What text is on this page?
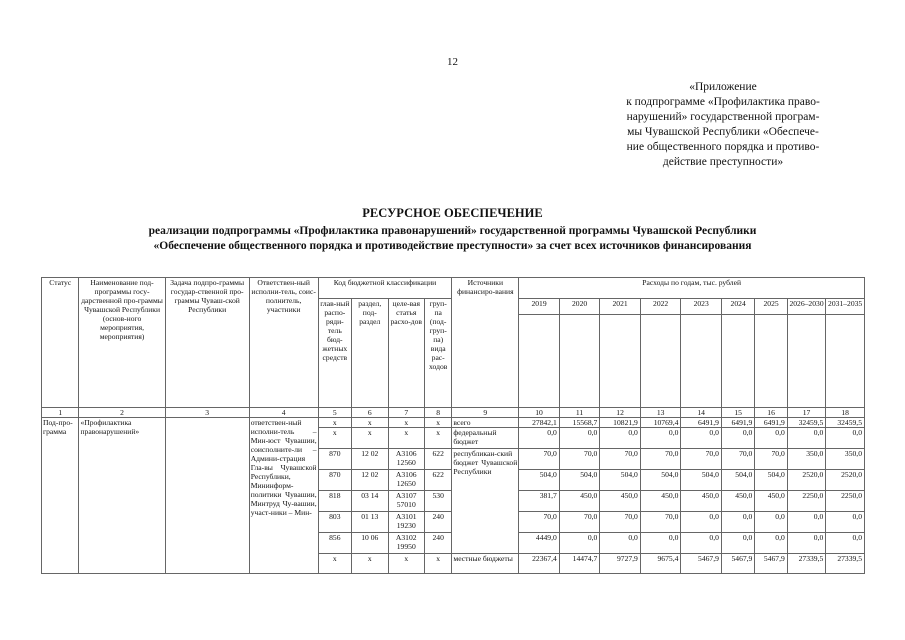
12
«Приложение
к подпрограмме «Профилактика право-
нарушений» государственной програм-
мы Чувашской Республики «Обеспече-
ние общественного порядка и противо-
действие преступности»
РЕСУРСНОЕ ОБЕСПЕЧЕНИЕ
реализации подпрограммы «Профилактика правонарушений» государственной программы Чувашской Республики
«Обеспечение общественного порядка и противодействие преступности» за счет всех источников финансирования
Статус	Наименование под-программы госу-дарственной про-граммы Чувашской Республики (основ-ного мероприятия, мероприятия)	Задача подпро-граммы государ-ственной про-граммы Чуваш-ской Республики	Ответствен-ный исполни-тель, соис-полнитель, участники	Код бюджетной классификации				Источники финансиро-вания	Расходы по годам, тыс. рублей								
				глав-ный распо-ряди-тель бюд-жетных средств	раздел, под-раздел	целе-вая статья расхо-дов	груп-па (под-груп-па) вида рас-ходов		2019	2020	2021	2022	2023	2024	2025	2026–2030	2031–2035

1	2	3	4	5	6	7	8	9	10	11	12	13	14	15	16	17	18
Под-про-грамма	«Профилактика правонарушений»		ответствен-ный исполни-тель – Мин-юст Чувашии, соисполните-ли – Админи-страция Гла-вы Чувашской Республики, Мининформ-политики Чувашии, Минтруд Чу-вашии, участ-ники – Мин-	x	x	x	x	всего	27842,1	15568,7	10821,9	10769,4	6491,9	6491,9	6491,9	32459,5	32459,5
				x	x	x	x	федеральный бюджет	0,0	0,0	0,0	0,0	0,0	0,0	0,0	0,0	0,0
				870	12 02	А3106 12560	622	республикан-ский бюджет Чувашской Республики	70,0	70,0	70,0	70,0	70,0	70,0	70,0	350,0	350,0
				870	12 02	А3106 12650	622		504,0	504,0	504,0	504,0	504,0	504,0	504,0	2520,0	2520,0
				818	03 14	А3107 57010	530		381,7	450,0	450,0	450,0	450,0	450,0	450,0	2250,0	2250,0
				803	01 13	А3101 19230	240		70,0	70,0	70,0	70,0	0,0	0,0	0,0	0,0	0,0
				856	10 06	А3102 19950	240		4449,0	0,0	0,0	0,0	0,0	0,0	0,0	0,0	0,0
				x	x	x	x	местные бюджеты	22367,4	14474,7	9727,9	9675,4	5467,9	5467,9	5467,9	27339,5	27339,5
